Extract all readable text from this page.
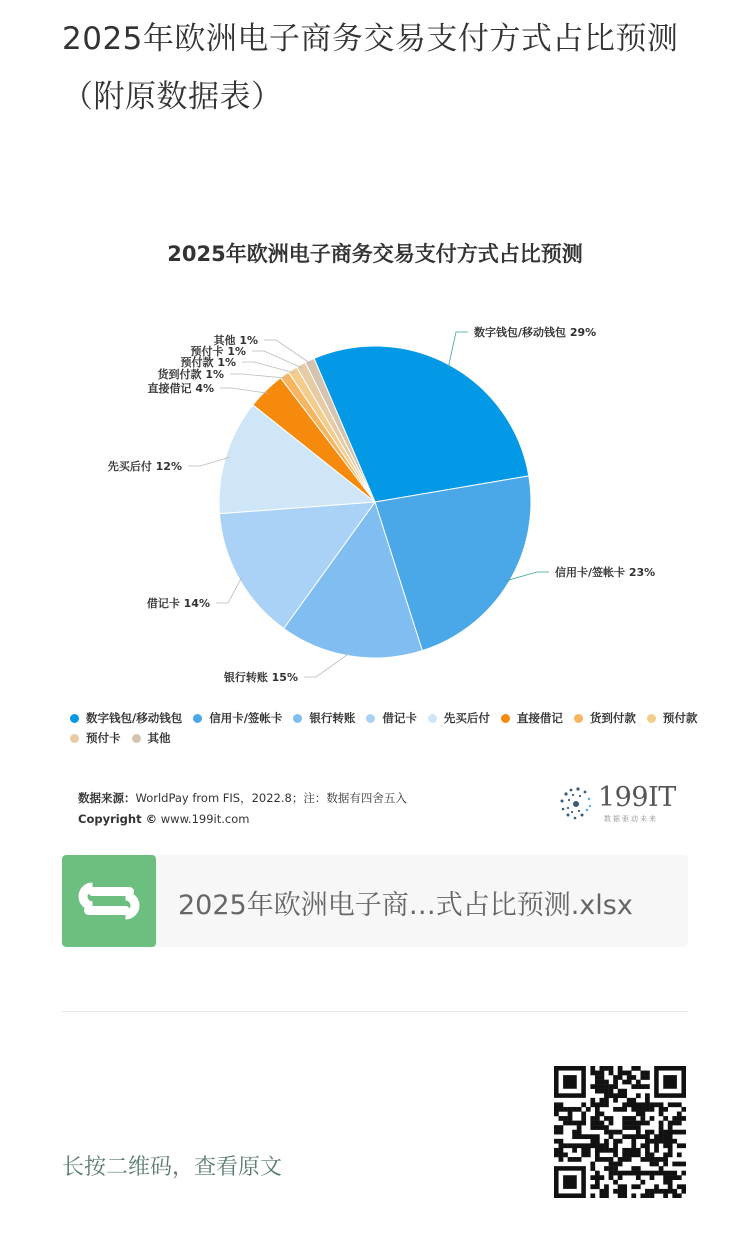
2025年欧洲电子商务交易支付方式占比预测（附原数据表）
数字钱包/移动钱包 29%
信用卡/签帐卡 23%
银行转账 15%
借记卡 14%
先买后付 12%
直接借记 4%
货到付款 1%
预付款 1%
预付卡 1%
其他 1%
2025年欧洲电子商务交易支付方式占比预测
数字钱包/移动钱包 信用卡/签帐卡 银行转账 借记卡 先买后付 直接借记 货到付款 预付款
预付卡 其他
数据来源：WorldPay from FIS，2022.8；注：数据有四舍五入
Copyright © www.199it.com
199IT
数据驱动未来
2025年欧洲电子商…式占比预测.xlsx
长按二维码，查看原文
